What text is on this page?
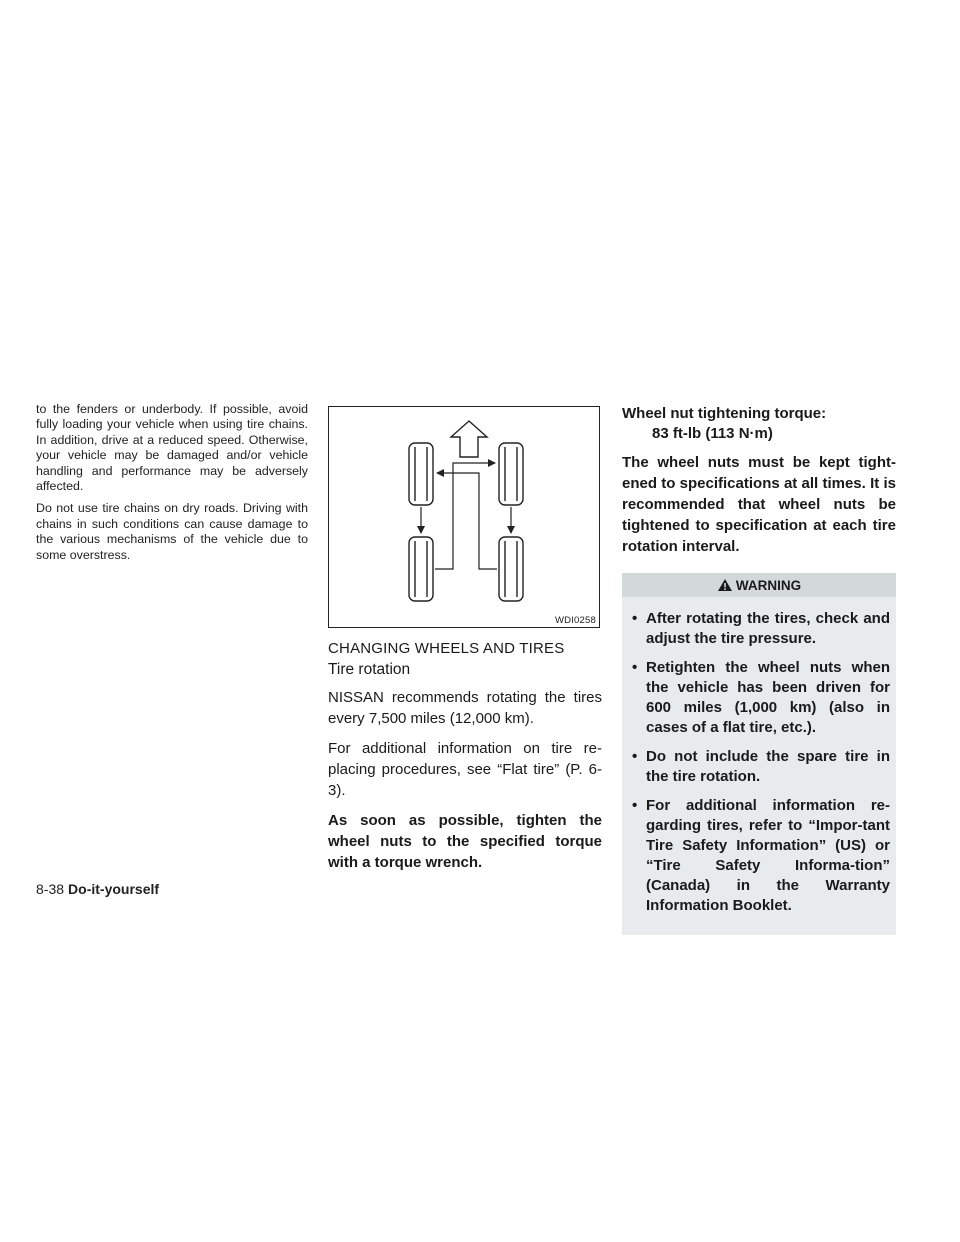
to the fenders or underbody. If possible, avoid fully loading your vehicle when using tire chains. In addition, drive at a reduced speed. Otherwise, your vehicle may be damaged and/or vehicle handling and performance may be adversely affected.

Do not use tire chains on dry roads. Driving with chains in such conditions can cause damage to the various mechanisms of the vehicle due to some overstress.

WDI0258
CHANGING WHEELS AND TIRES
Tire rotation

NISSAN recommends rotating the tires every 7,500 miles (12,000 km).

For additional information on tire re-placing procedures, see “Flat tire” (P. 6-3).

As soon as possible, tighten the wheel nuts to the specified torque with a torque wrench.

Wheel nut tightening torque:

83 ft-lb (113 N·m)

The wheel nuts must be kept tight-ened to specifications at all times. It is recommended that wheel nuts be tightened to specification at each tire rotation interval.

WARNING
• After rotating the tires, check and adjust the tire pressure.
• Retighten the wheel nuts when the vehicle has been driven for 600 miles (1,000 km) (also in cases of a flat tire, etc.).
• Do not include the spare tire in the tire rotation.
• For additional information re-garding tires, refer to “Impor-tant Tire Safety Information” (US) or “Tire Safety Informa-tion” (Canada) in the Warranty Information Booklet.
8-38 Do-it-yourself
